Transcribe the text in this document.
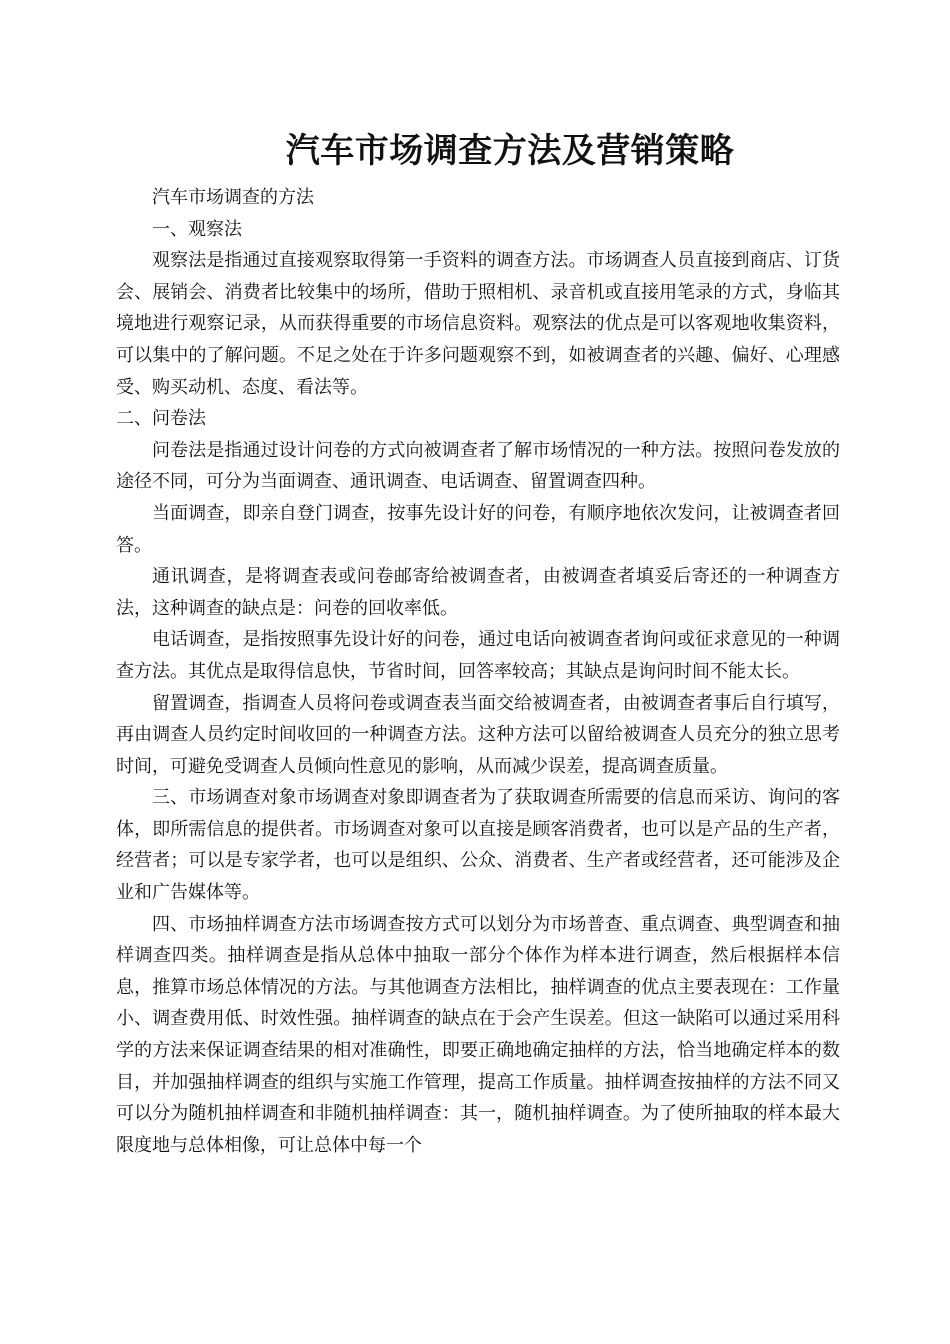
汽车市场调查方法及营销策略

汽车市场调查的方法

一、观察法

观察法是指通过直接观察取得第一手资料的调查方法。市场调查人员直接到商店、订货会、展销会、消费者比较集中的场所，借助于照相机、录音机或直接用笔录的方式，身临其境地进行观察记录，从而获得重要的市场信息资料。观察法的优点是可以客观地收集资料，可以集中的了解问题。不足之处在于许多问题观察不到，如被调查者的兴趣、偏好、心理感受、购买动机、态度、看法等。

二、问卷法

问卷法是指通过设计问卷的方式向被调查者了解市场情况的一种方法。按照问卷发放的途径不同，可分为当面调查、通讯调查、电话调查、留置调查四种。

当面调查，即亲自登门调查，按事先设计好的问卷，有顺序地依次发问，让被调查者回答。

通讯调查，是将调查表或问卷邮寄给被调查者，由被调查者填妥后寄还的一种调查方法，这种调查的缺点是：问卷的回收率低。

电话调查，是指按照事先设计好的问卷，通过电话向被调查者询问或征求意见的一种调查方法。其优点是取得信息快，节省时间，回答率较高；其缺点是询问时间不能太长。

留置调查，指调查人员将问卷或调查表当面交给被调查者，由被调查者事后自行填写，再由调查人员约定时间收回的一种调查方法。这种方法可以留给被调查人员充分的独立思考时间，可避免受调查人员倾向性意见的影响，从而减少误差，提高调查质量。

三、市场调查对象市场调查对象即调查者为了获取调查所需要的信息而采访、询问的客体，即所需信息的提供者。市场调查对象可以直接是顾客消费者，也可以是产品的生产者，经营者；可以是专家学者，也可以是组织、公众、消费者、生产者或经营者，还可能涉及企业和广告媒体等。

四、市场抽样调查方法市场调查按方式可以划分为市场普查、重点调查、典型调查和抽样调查四类。抽样调查是指从总体中抽取一部分个体作为样本进行调查，然后根据样本信息，推算市场总体情况的方法。与其他调查方法相比，抽样调查的优点主要表现在：工作量小、调查费用低、时效性强。抽样调查的缺点在于会产生误差。但这一缺陷可以通过采用科学的方法来保证调查结果的相对准确性，即要正确地确定抽样的方法，恰当地确定样本的数目，并加强抽样调查的组织与实施工作管理，提高工作质量。抽样调查按抽样的方法不同又可以分为随机抽样调查和非随机抽样调查：其一，随机抽样调查。为了使所抽取的样本最大限度地与总体相像，可让总体中每一个
